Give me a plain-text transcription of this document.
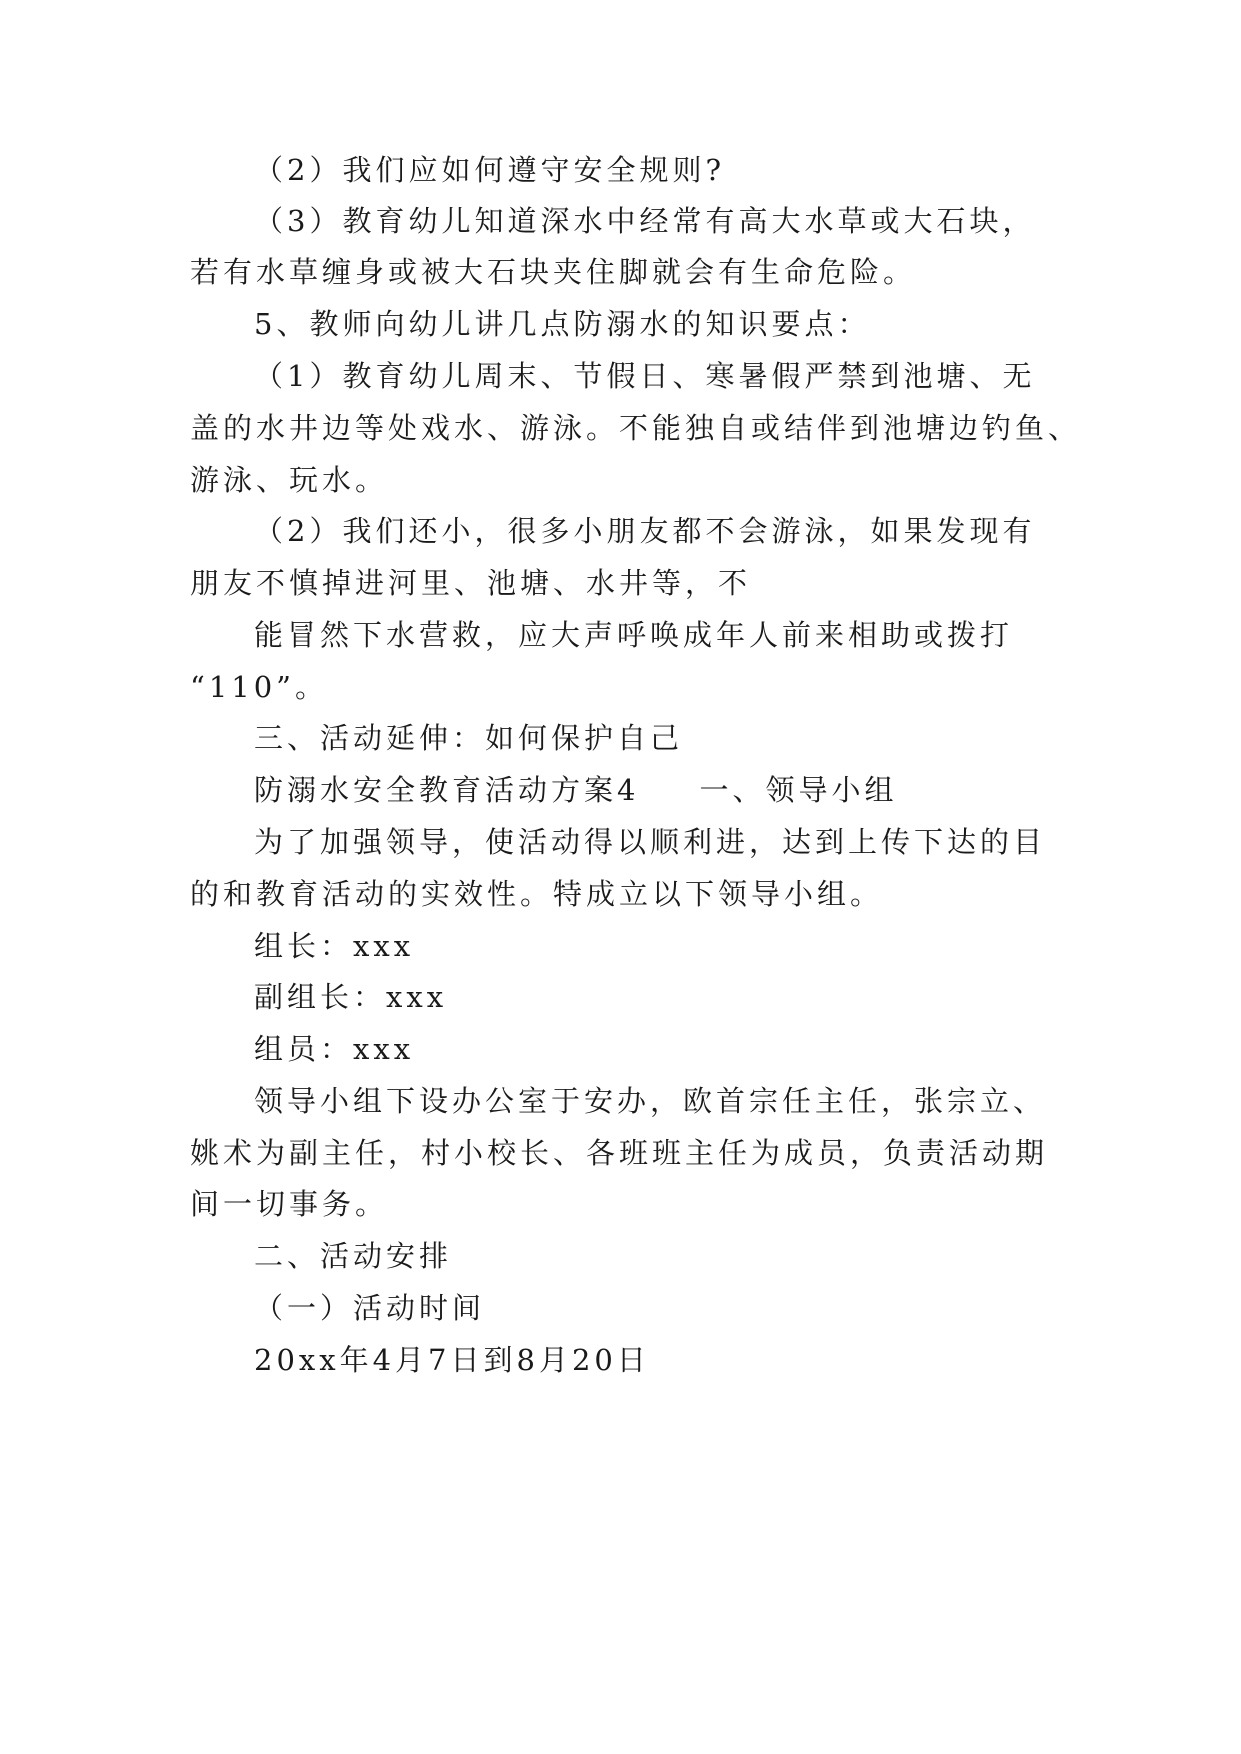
（2）我们应如何遵守安全规则?
（3）教育幼儿知道深水中经常有高大水草或大石块，
若有水草缠身或被大石块夹住脚就会有生命危险。
5、教师向幼儿讲几点防溺水的知识要点：
（1）教育幼儿周末、节假日、寒暑假严禁到池塘、无
盖的水井边等处戏水、游泳。不能独自或结伴到池塘边钓鱼、
游泳、玩水。
（2）我们还小，很多小朋友都不会游泳，如果发现有
朋友不慎掉进河里、池塘、水井等，不
能冒然下水营救，应大声呼唤成年人前来相助或拨打
“110”。
三、活动延伸：如何保护自己
防溺水安全教育活动方案4 一、领导小组
为了加强领导，使活动得以顺利进，达到上传下达的目
的和教育活动的实效性。特成立以下领导小组。
组长：xxx
副组长：xxx
组员：xxx
领导小组下设办公室于安办，欧首宗任主任，张宗立、
姚术为副主任，村小校长、各班班主任为成员，负责活动期
间一切事务。
二、活动安排
（一）活动时间
20xx年4月7日到8月20日
